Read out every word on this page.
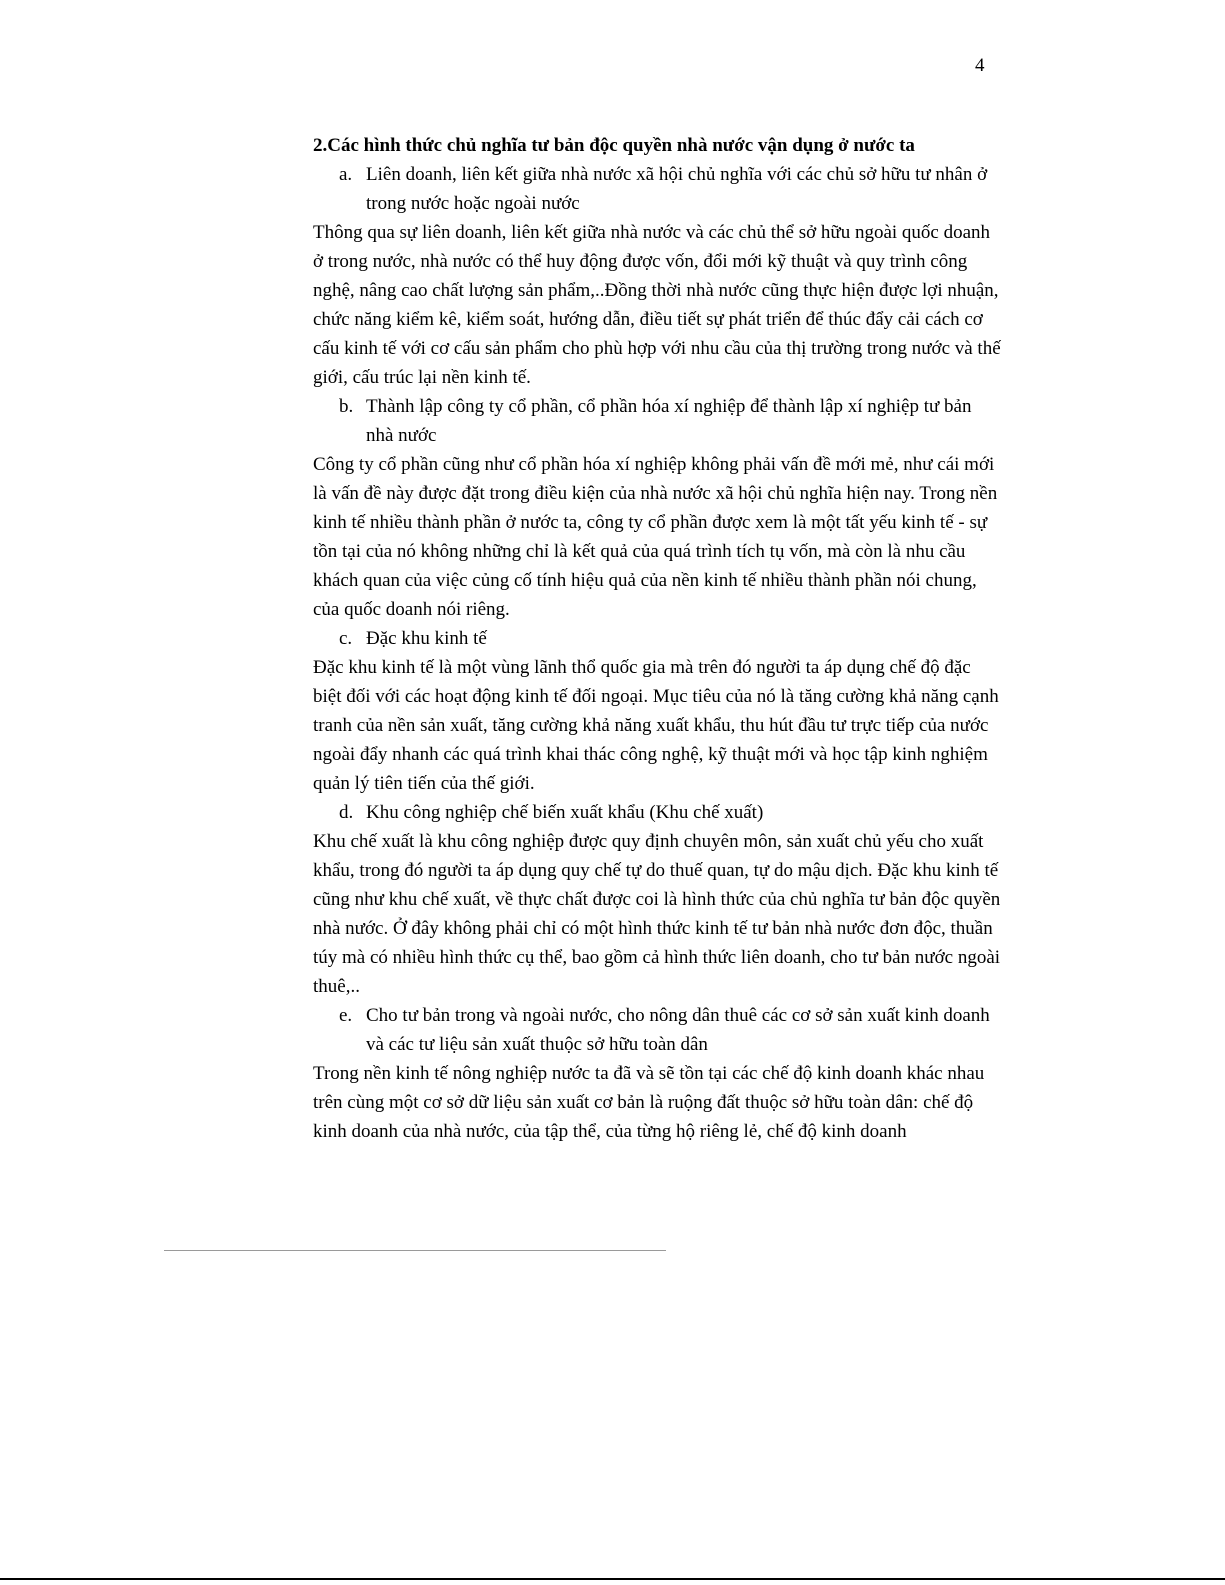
4

2.Các hình thức chủ nghĩa tư bản độc quyền nhà nước vận dụng ở nước ta

a. Liên doanh, liên kết giữa nhà nước xã hội chủ nghĩa với các chủ sở hữu tư nhân ở trong nước hoặc ngoài nước

Thông qua sự liên doanh, liên kết giữa nhà nước và các chủ thể sở hữu ngoài quốc doanh ở trong nước, nhà nước có thể huy động được vốn, đổi mới kỹ thuật và quy trình công nghệ, nâng cao chất lượng sản phẩm,..Đồng thời nhà nước cũng thực hiện được lợi nhuận, chức năng kiểm kê, kiểm soát, hướng dẫn, điều tiết sự phát triển để thúc đẩy cải cách cơ cấu kinh tế với cơ cấu sản phẩm cho phù hợp với nhu cầu của thị trường trong nước và thế giới, cấu trúc lại nền kinh tế.

b. Thành lập công ty cổ phần, cổ phần hóa xí nghiệp để thành lập xí nghiệp tư bản nhà nước

Công ty cổ phần cũng như cổ phần hóa xí nghiệp không phải vấn đề mới mẻ, như cái mới là vấn đề này được đặt trong điều kiện của nhà nước xã hội chủ nghĩa hiện nay. Trong nền kinh tế nhiều thành phần ở nước ta, công ty cổ phần được xem là một tất yếu kinh tế - sự tồn tại của nó không những chỉ là kết quả của quá trình tích tụ vốn, mà còn là nhu cầu khách quan của việc củng cố tính hiệu quả của nền kinh tế nhiều thành phần nói chung, của quốc doanh nói riêng.

c. Đặc khu kinh tế

Đặc khu kinh tế là một vùng lãnh thổ quốc gia mà trên đó người ta áp dụng chế độ đặc biệt đối với các hoạt động kinh tế đối ngoại. Mục tiêu của nó là tăng cường khả năng cạnh tranh của nền sản xuất, tăng cường khả năng xuất khẩu, thu hút đầu tư trực tiếp của nước ngoài đẩy nhanh các quá trình khai thác công nghệ, kỹ thuật mới và học tập kinh nghiệm quản lý tiên tiến của thế giới.

d. Khu công nghiệp chế biến xuất khẩu (Khu chế xuất)

Khu chế xuất là khu công nghiệp được quy định chuyên môn, sản xuất chủ yếu cho xuất khẩu, trong đó người ta áp dụng quy chế tự do thuế quan, tự do mậu dịch. Đặc khu kinh tế cũng như khu chế xuất, về thực chất được coi là hình thức của chủ nghĩa tư bản độc quyền nhà nước. Ở đây không phải chỉ có một hình thức kinh tế tư bản nhà nước đơn độc, thuần túy mà có nhiều hình thức cụ thể, bao gồm cả hình thức liên doanh, cho tư bản nước ngoài thuê,..

e. Cho tư bản trong và ngoài nước, cho nông dân thuê các cơ sở sản xuất kinh doanh và các tư liệu sản xuất thuộc sở hữu toàn dân

Trong nền kinh tế nông nghiệp nước ta đã và sẽ tồn tại các chế độ kinh doanh khác nhau trên cùng một cơ sở dữ liệu sản xuất cơ bản là ruộng đất thuộc sở hữu toàn dân: chế độ kinh doanh của nhà nước, của tập thể, của từng hộ riêng lẻ, chế độ kinh doanh
